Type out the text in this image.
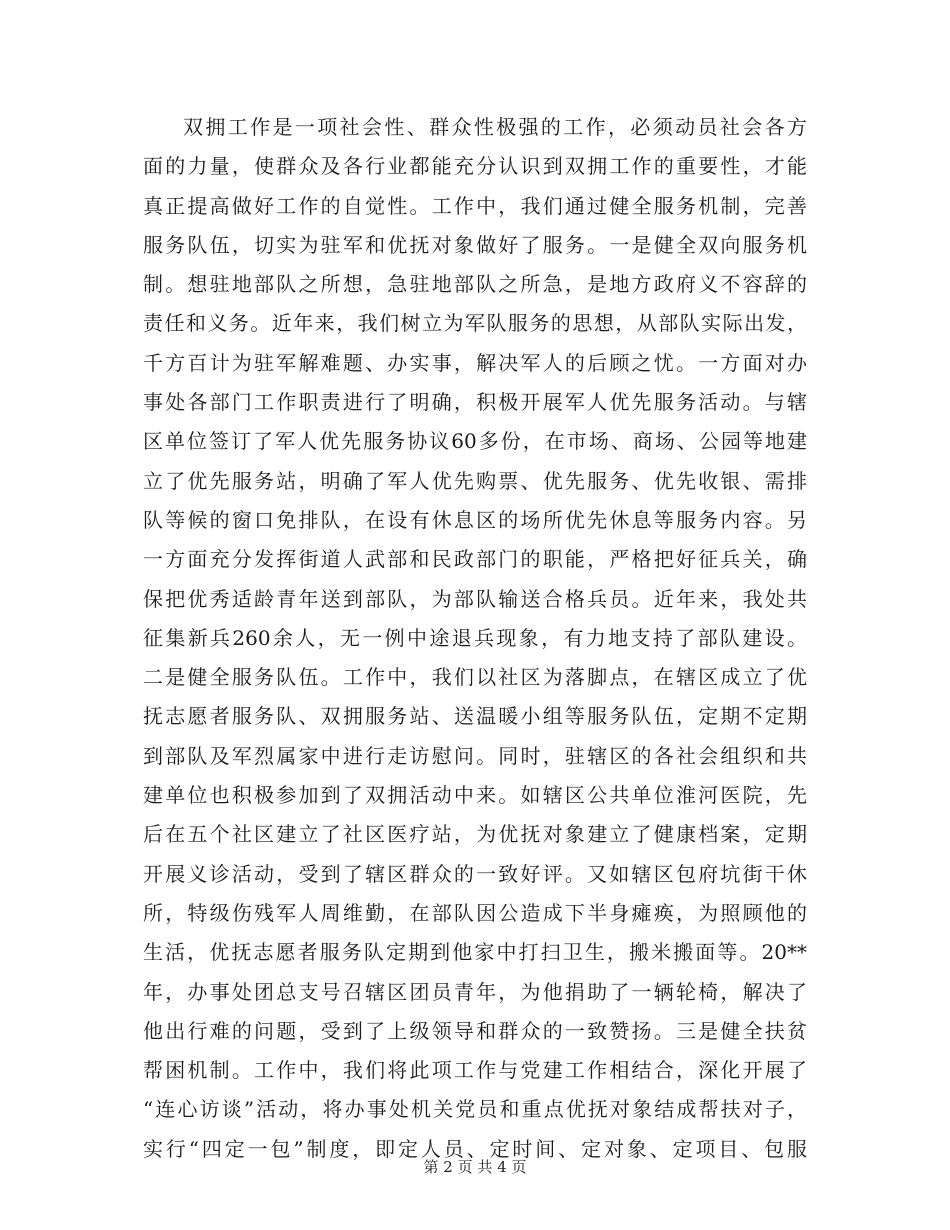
双拥工作是一项社会性、群众性极强的工作，必须动员社会各方
面的力量，使群众及各行业都能充分认识到双拥工作的重要性，才能
真正提高做好工作的自觉性。工作中，我们通过健全服务机制，完善
服务队伍，切实为驻军和优抚对象做好了服务。一是健全双向服务机
制。想驻地部队之所想，急驻地部队之所急，是地方政府义不容辞的
责任和义务。近年来，我们树立为军队服务的思想，从部队实际出发，
千方百计为驻军解难题、办实事，解决军人的后顾之忧。一方面对办
事处各部门工作职责进行了明确，积极开展军人优先服务活动。与辖
区单位签订了军人优先服务协议60多份，在市场、商场、公园等地建
立了优先服务站，明确了军人优先购票、优先服务、优先收银、需排
队等候的窗口免排队，在设有休息区的场所优先休息等服务内容。另
一方面充分发挥街道人武部和民政部门的职能，严格把好征兵关，确
保把优秀适龄青年送到部队，为部队输送合格兵员。近年来，我处共
征集新兵260余人，无一例中途退兵现象，有力地支持了部队建设。
二是健全服务队伍。工作中，我们以社区为落脚点，在辖区成立了优
抚志愿者服务队、双拥服务站、送温暖小组等服务队伍，定期不定期
到部队及军烈属家中进行走访慰问。同时，驻辖区的各社会组织和共
建单位也积极参加到了双拥活动中来。如辖区公共单位淮河医院，先
后在五个社区建立了社区医疗站，为优抚对象建立了健康档案，定期
开展义诊活动，受到了辖区群众的一致好评。又如辖区包府坑街干休
所，特级伤残军人周维勤，在部队因公造成下半身瘫痪，为照顾他的
生活，优抚志愿者服务队定期到他家中打扫卫生，搬米搬面等。20**
年，办事处团总支号召辖区团员青年，为他捐助了一辆轮椅，解决了
他出行难的问题，受到了上级领导和群众的一致赞扬。三是健全扶贫
帮困机制。工作中，我们将此项工作与党建工作相结合，深化开展了
“连心访谈”活动，将办事处机关党员和重点优抚对象结成帮扶对子，
实行“四定一包”制度，即定人员、定时间、定对象、定项目、包服
第 2 页 共 4 页
